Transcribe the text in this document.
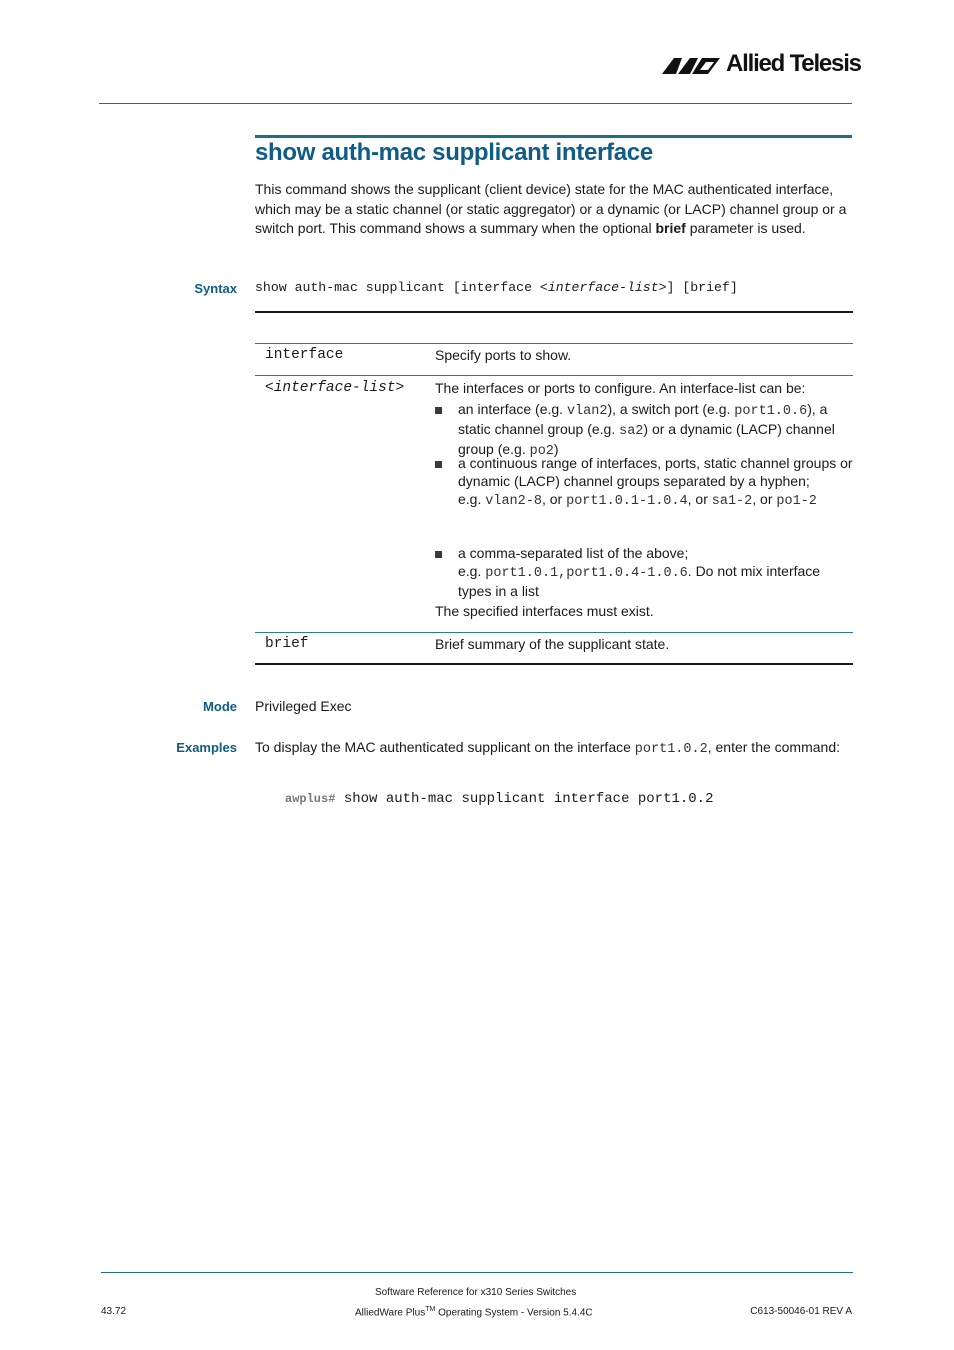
Allied Telesis
show auth-mac supplicant interface
This command shows the supplicant (client device) state for the MAC authenticated interface, which may be a static channel (or static aggregator) or a dynamic (or LACP) channel group or a switch port. This command shows a summary when the optional brief parameter is used.
Syntax show auth-mac supplicant [interface <interface-list>] [brief]
interface	Specify ports to show.
<interface-list> The interfaces or ports to configure. An interface-list can be:
an interface (e.g. vlan2), a switch port (e.g. port1.0.6), a static channel group (e.g. sa2) or a dynamic (LACP) channel group (e.g. po2)
a continuous range of interfaces, ports, static channel groups or dynamic (LACP) channel groups separated by a hyphen;
e.g. vlan2-8, or port1.0.1-1.0.4, or sa1-2, or po1-2
a comma-separated list of the above;
e.g. port1.0.1,port1.0.4-1.0.6. Do not mix interface types in a list
The specified interfaces must exist.
brief	Brief summary of the supplicant state.
Mode Privileged Exec
Examples To display the MAC authenticated supplicant on the interface port1.0.2, enter the command:
awplus# show auth-mac supplicant interface port1.0.2
Software Reference for x310 Series Switches
43.72	AlliedWare Plus™ Operating System - Version 5.4.4C	C613-50046-01 REV A
